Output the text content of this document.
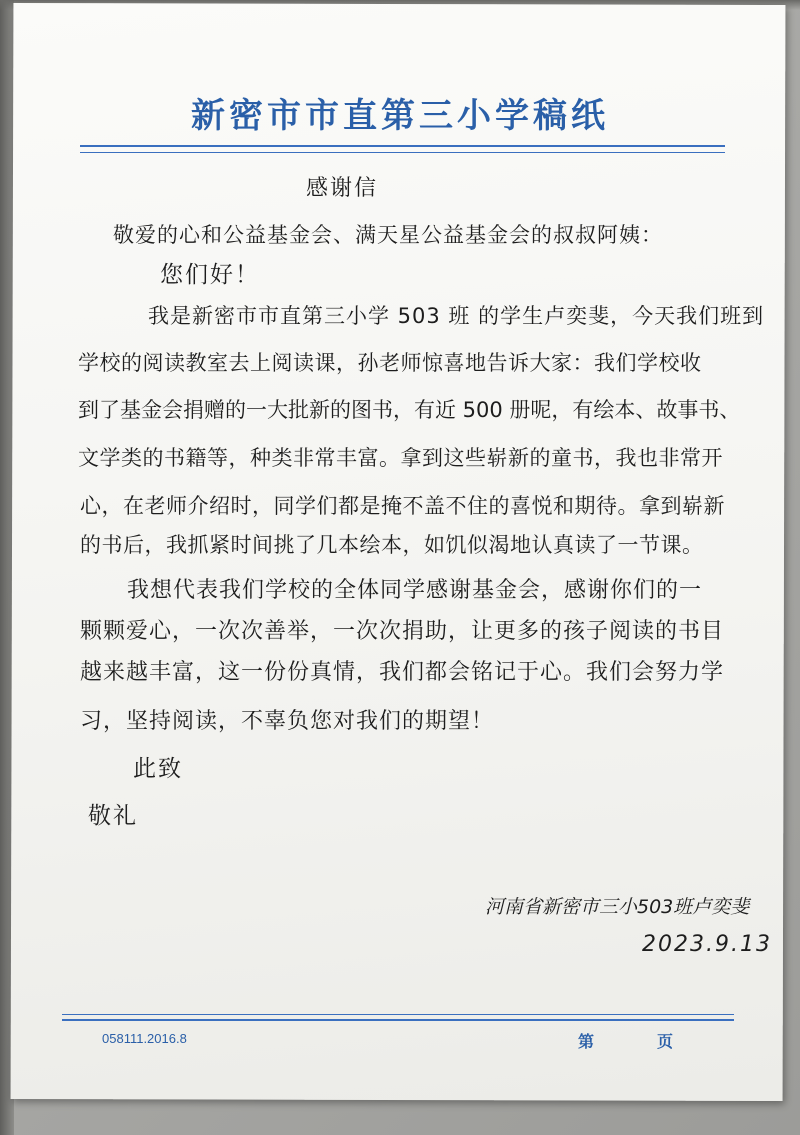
新密市市直第三小学稿纸
感谢信
敬爱的心和公益基金会、满天星公益基金会的叔叔阿姨：
您们好！
我是新密市市直第三小学 503 班 的学生卢奕斐，今天我们班到
学校的阅读教室去上阅读课，孙老师惊喜地告诉大家：我们学校收
到了基金会捐赠的一大批新的图书，有近 500 册呢，有绘本、故事书、
文学类的书籍等，种类非常丰富。拿到这些崭新的童书，我也非常开
心，在老师介绍时，同学们都是掩不盖不住的喜悦和期待。拿到崭新
的书后，我抓紧时间挑了几本绘本，如饥似渴地认真读了一节课。
我想代表我们学校的全体同学感谢基金会，感谢你们的一
颗颗爱心，一次次善举，一次次捐助，让更多的孩子阅读的书目
越来越丰富，这一份份真情，我们都会铭记于心。我们会努力学
习，坚持阅读，不辜负您对我们的期望！
此致
敬礼
河南省新密市三小503班卢奕斐
2023.9.13
058111.2016.8	第	页
